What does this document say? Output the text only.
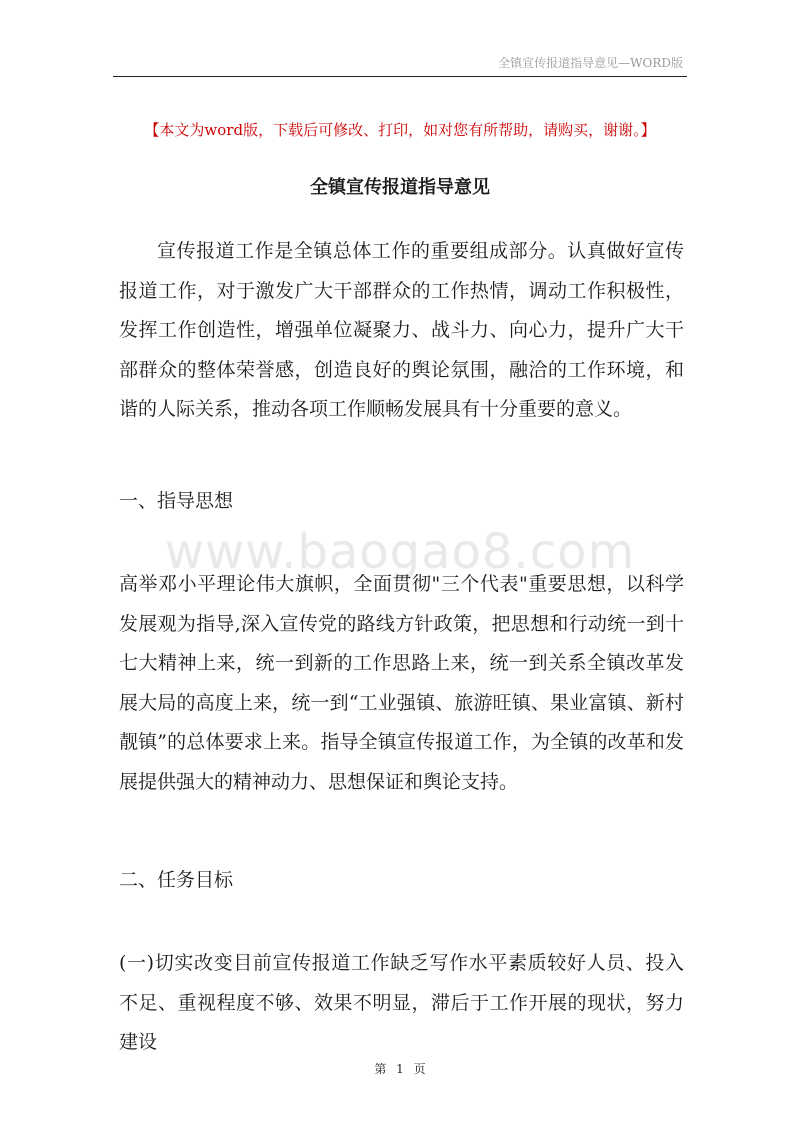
全镇宣传报道指导意见—WORD版
【本文为word版，下载后可修改、打印，如对您有所帮助，请购买，谢谢。】
全镇宣传报道指导意见

宣传报道工作是全镇总体工作的重要组成部分。认真做好宣传报道工作，对于激发广大干部群众的工作热情，调动工作积极性，发挥工作创造性，增强单位凝聚力、战斗力、向心力，提升广大干部群众的整体荣誉感，创造良好的舆论氛围，融洽的工作环境，和谐的人际关系，推动各项工作顺畅发展具有十分重要的意义。

一、指导思想
www.baogao8.com

高举邓小平理论伟大旗帜，全面贯彻"三个代表"重要思想，以科学发展观为指导,深入宣传党的路线方针政策，把思想和行动统一到十七大精神上来，统一到新的工作思路上来，统一到关系全镇改革发展大局的高度上来，统一到“工业强镇、旅游旺镇、果业富镇、新村靓镇”的总体要求上来。指导全镇宣传报道工作，为全镇的改革和发展提供强大的精神动力、思想保证和舆论支持。

二、任务目标

(一)切实改变目前宣传报道工作缺乏写作水平素质较好人员、投入不足、重视程度不够、效果不明显，滞后于工作开展的现状，努力建设

第 1 页
